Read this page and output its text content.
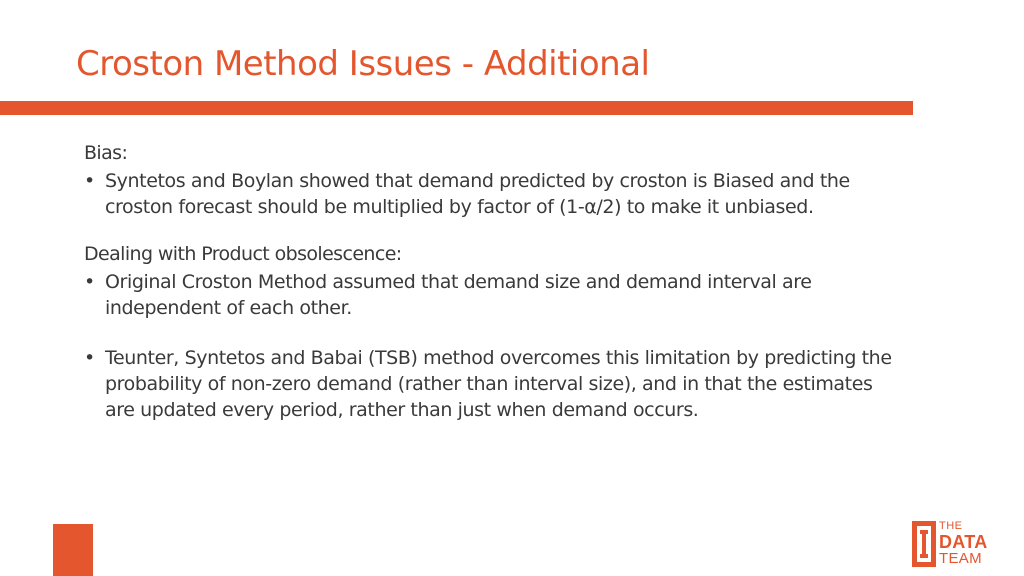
Croston Method Issues - Additional
Bias:
• Syntetos and Boylan showed that demand predicted by croston is Biased and the croston forecast should be multiplied by factor of (1-α/2) to make it unbiased.
Dealing with Product obsolescence:
• Original Croston Method assumed that demand size and demand interval are independent of each other.
• Teunter, Syntetos and Babai (TSB) method overcomes this limitation by predicting the probability of non-zero demand (rather than interval size), and in that the estimates are updated every period, rather than just when demand occurs.
THE
DATA
TEAM
